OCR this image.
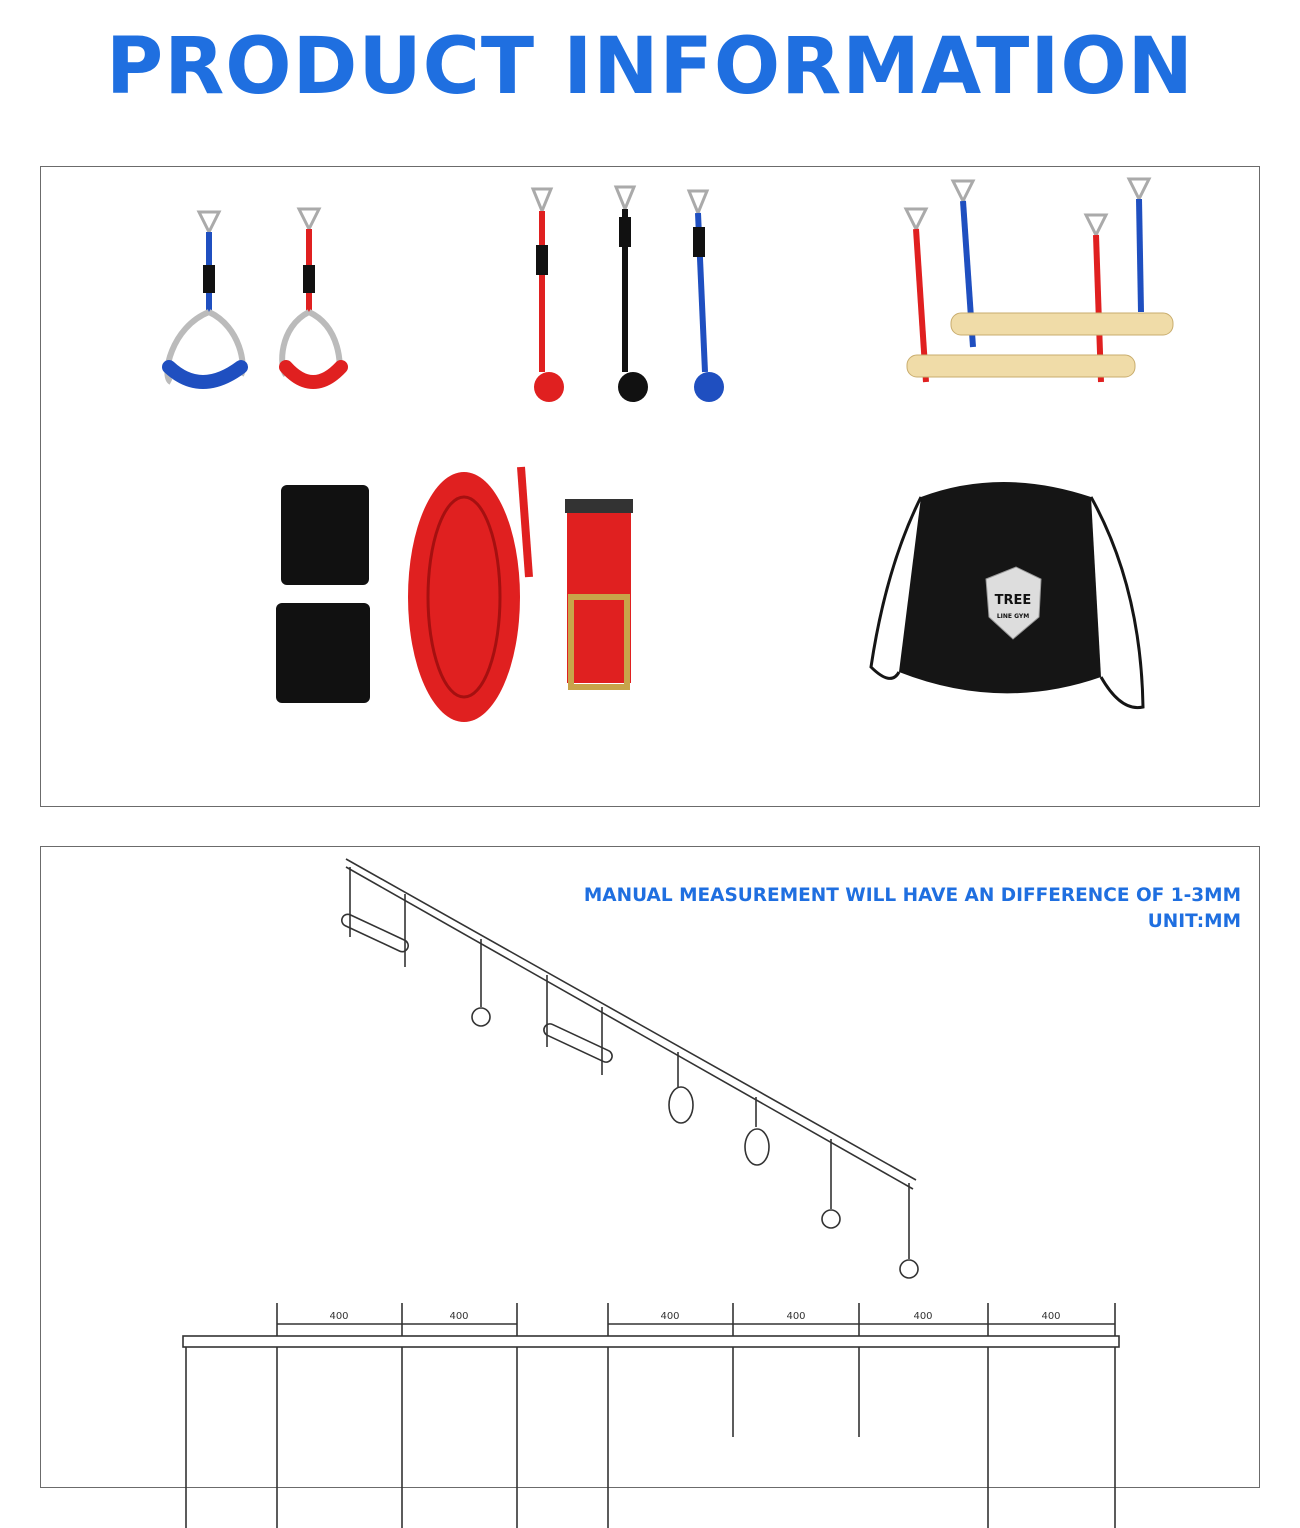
PRODUCT INFORMATION
TREE
LINE GYM
MANUAL MEASUREMENT WILL HAVE AN DIFFERENCE OF 1-3MM
UNIT:MM
400	400	400	400	400	400
